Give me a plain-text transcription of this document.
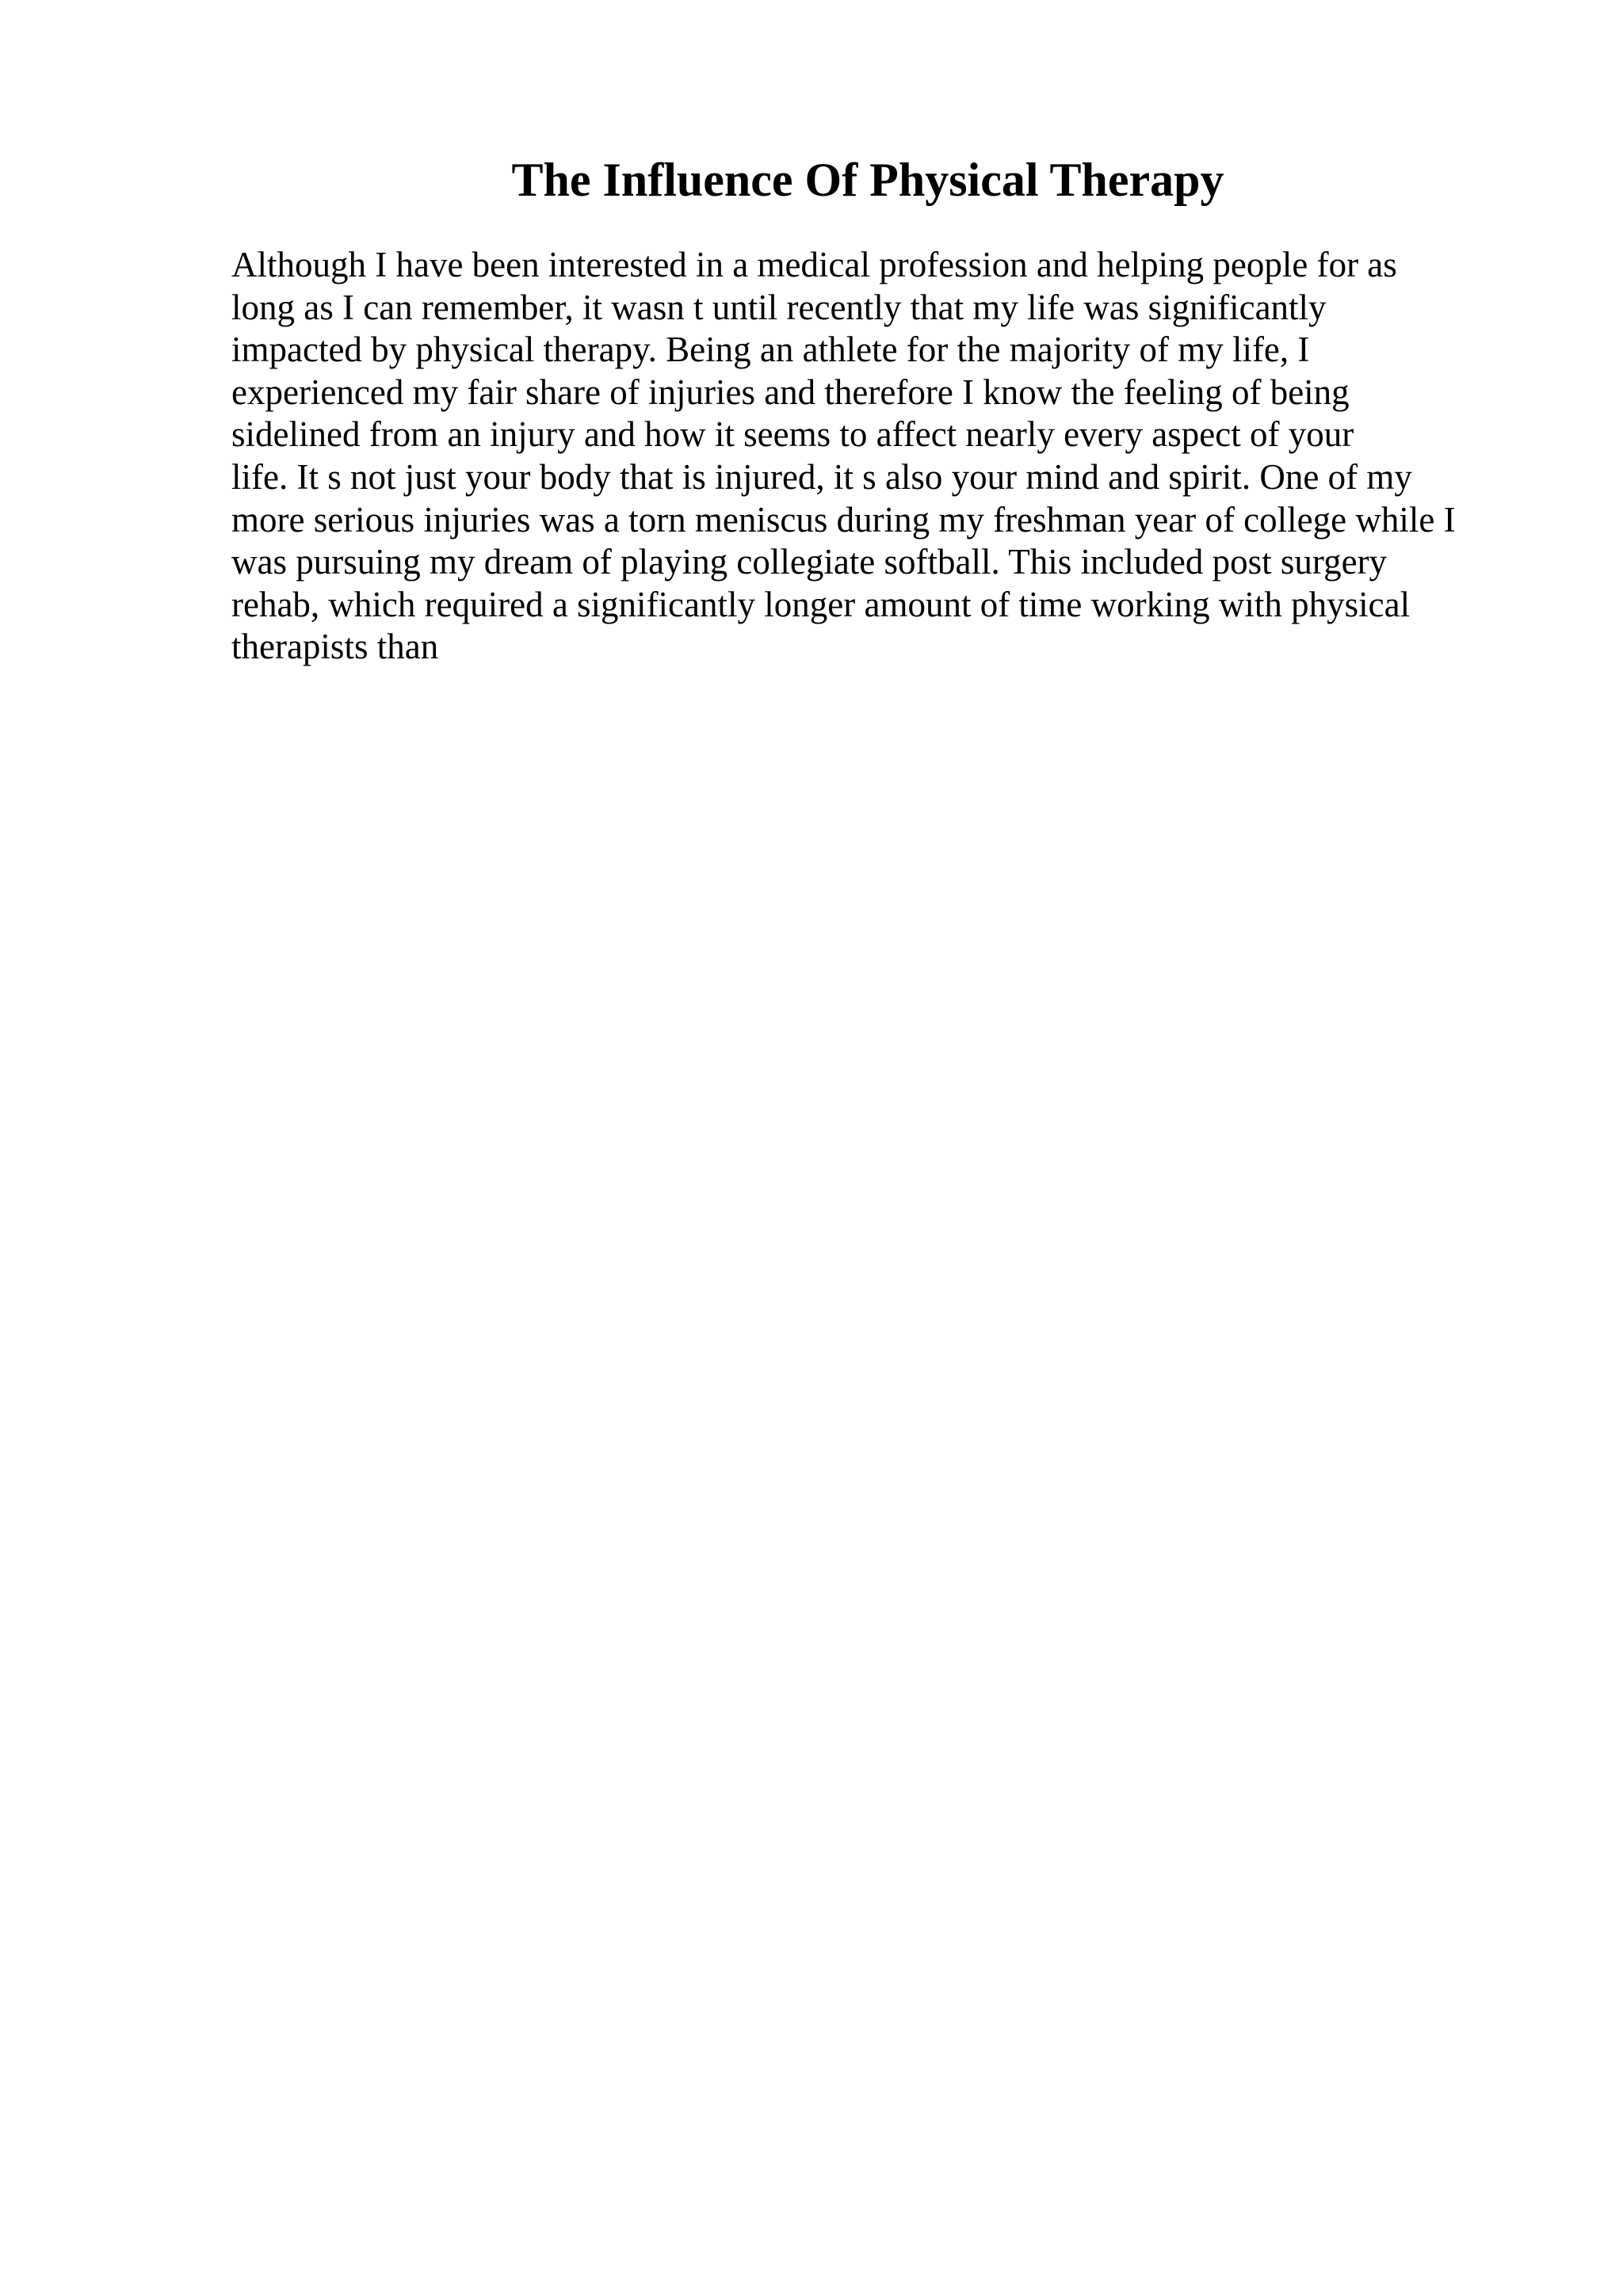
The Influence Of Physical Therapy
Although I have been interested in a medical profession and helping people for as
long as I can remember, it wasn t until recently that my life was significantly
impacted by physical therapy. Being an athlete for the majority of my life, I
experienced my fair share of injuries and therefore I know the feeling of being
sidelined from an injury and how it seems to affect nearly every aspect of your
life. It s not just your body that is injured, it s also your mind and spirit. One of my
more serious injuries was a torn meniscus during my freshman year of college while I
was pursuing my dream of playing collegiate softball. This included post surgery
rehab, which required a significantly longer amount of time working with physical
therapists than
